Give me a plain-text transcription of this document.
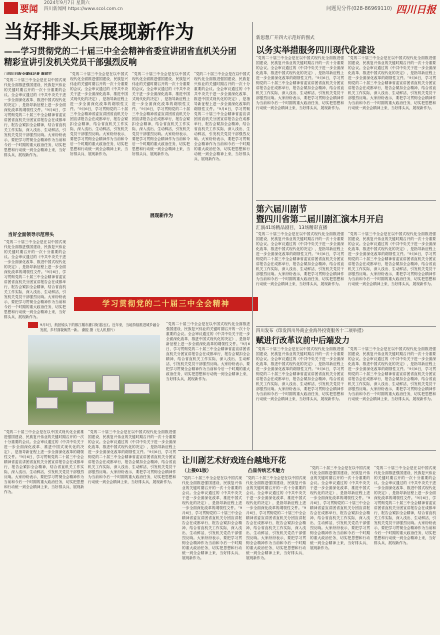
要闻
2024年9月7日 星期六
四川新闻网 https://www.scol.com.cn	问题见分件(028-86969110) 四川日报
当好排头兵展现新作为
——学习贯彻党的二十届三中全会精神省委宣讲团省直机关分团
精彩宣讲引发机关党员干部强烈反响
□四川日报全媒体记者 谢祥宇
“党的二十届三中全会是在以中国式现代化全面推进强国建设、民族复兴伟业的关键时期召开的一次十分重要的会议。全会审议通过的《中共中央关于进一步全面深化改革、推进中国式现代化的决定》，是指导新征程上进一步全面深化改革的纲领性文件。”9月6日，学习贯彻党的二十届三中全会精神省委宣讲团省直机关分团宣讲报告会在成都举行，报告会紧扣全会精神，结合省直机关工作实际，深入浅出、生动鲜活，引发机关党员干部强烈反响。大家纷纷表示，要把学习贯彻全会精神作为当前和今后一个时期的重大政治任务，切实把思想和行动统一到全会精神上来，当好排头兵，展现新作为。
当好全面领导示范带头
“党的二十届三中全会是在以中国式现代化全面推进强国建设、民族复兴伟业的关键时期召开的一次十分重要的会议。全会审议通过的《中共中央关于进一步全面深化改革、推进中国式现代化的决定》，是指导新征程上进一步全面深化改革的纲领性文件。”9月6日，学习贯彻党的二十届三中全会精神省委宣讲团省直机关分团宣讲报告会在成都举行，报告会紧扣全会精神，结合省直机关工作实际，深入浅出、生动鲜活，引发机关党员干部强烈反响。大家纷纷表示，要把学习贯彻全会精神作为当前和今后一个时期的重大政治任务，切实把思想和行动统一到全会精神上来，当好排头兵，展现新作为。
“党的二十届三中全会是在以中国式现代化全面推进强国建设、民族复兴伟业的关键时期召开的一次十分重要的会议。全会审议通过的《中共中央关于进一步全面深化改革、推进中国式现代化的决定》，是指导新征程上进一步全面深化改革的纲领性文件。”9月6日，学习贯彻党的二十届三中全会精神省委宣讲团省直机关分团宣讲报告会在成都举行，报告会紧扣全会精神，结合省直机关工作实际，深入浅出、生动鲜活，引发机关党员干部强烈反响。大家纷纷表示，要把学习贯彻全会精神作为当前和今后一个时期的重大政治任务，切实把思想和行动统一到全会精神上来，当好排头兵，展现新作为。
“党的二十届三中全会是在以中国式现代化全面推进强国建设、民族复兴伟业的关键时期召开的一次十分重要的会议。全会审议通过的《中共中央关于进一步全面深化改革、推进中国式现代化的决定》，是指导新征程上进一步全面深化改革的纲领性文件。”9月6日，学习贯彻党的二十届三中全会精神省委宣讲团省直机关分团宣讲报告会在成都举行，报告会紧扣全会精神，结合省直机关工作实际，深入浅出、生动鲜活，引发机关党员干部强烈反响。大家纷纷表示，要把学习贯彻全会精神作为当前和今后一个时期的重大政治任务，切实把思想和行动统一到全会精神上来，当好排头兵，展现新作为。
展现新作为
“党的二十届三中全会是在以中国式现代化全面推进强国建设、民族复兴伟业的关键时期召开的一次十分重要的会议。全会审议通过的《中共中央关于进一步全面深化改革、推进中国式现代化的决定》，是指导新征程上进一步全面深化改革的纲领性文件。”9月6日，学习贯彻党的二十届三中全会精神省委宣讲团省直机关分团宣讲报告会在成都举行，报告会紧扣全会精神，结合省直机关工作实际，深入浅出、生动鲜活，引发机关党员干部强烈反响。大家纷纷表示，要把学习贯彻全会精神作为当前和今后一个时期的重大政治任务，切实把思想和行动统一到全会精神上来，当好排头兵，展现新作为。
学习贯彻党的二十届三中全会精神
9月5日，航拍镜头下的都江堰市灌口街道社区。近年来，当地持续推进城乡融合发展，乡村面貌焕然一新。 谢振 摄（无人机照片）
“党的二十届三中全会是在以中国式现代化全面推进强国建设、民族复兴伟业的关键时期召开的一次十分重要的会议。全会审议通过的《中共中央关于进一步全面深化改革、推进中国式现代化的决定》，是指导新征程上进一步全面深化改革的纲领性文件。”9月6日，学习贯彻党的二十届三中全会精神省委宣讲团省直机关分团宣讲报告会在成都举行，报告会紧扣全会精神，结合省直机关工作实际，深入浅出、生动鲜活，引发机关党员干部强烈反响。大家纷纷表示，要把学习贯彻全会精神作为当前和今后一个时期的重大政治任务，切实把思想和行动统一到全会精神上来，当好排头兵，展现新作为。
“党的二十届三中全会是在以中国式现代化全面推进强国建设、民族复兴伟业的关键时期召开的一次十分重要的会议。全会审议通过的《中共中央关于进一步全面深化改革、推进中国式现代化的决定》，是指导新征程上进一步全面深化改革的纲领性文件。”9月6日，学习贯彻党的二十届三中全会精神省委宣讲团省直机关分团宣讲报告会在成都举行，报告会紧扣全会精神，结合省直机关工作实际，深入浅出、生动鲜活，引发机关党员干部强烈反响。大家纷纷表示，要把学习贯彻全会精神作为当前和今后一个时期的重大政治任务，切实把思想和行动统一到全会精神上来，当好排头兵，展现新作为。
“党的二十届三中全会是在以中国式现代化全面推进强国建设、民族复兴伟业的关键时期召开的一次十分重要的会议。全会审议通过的《中共中央关于进一步全面深化改革、推进中国式现代化的决定》，是指导新征程上进一步全面深化改革的纲领性文件。”9月6日，学习贯彻党的二十届三中全会精神省委宣讲团省直机关分团宣讲报告会在成都举行，报告会紧扣全会精神，结合省直机关工作实际，深入浅出、生动鲜活，引发机关党员干部强烈反响。大家纷纷表示，要把学习贯彻全会精神作为当前和今后一个时期的重大政治任务，切实把思想和行动统一到全会精神上来，当好排头兵，展现新作为。
新思想广开四大示范好的图式
以务实举措服务四川现代化建设
“党的二十届三中全会是在以中国式现代化全面推进强国建设、民族复兴伟业的关键时期召开的一次十分重要的会议。全会审议通过的《中共中央关于进一步全面深化改革、推进中国式现代化的决定》，是指导新征程上进一步全面深化改革的纲领性文件。”9月6日，学习贯彻党的二十届三中全会精神省委宣讲团省直机关分团宣讲报告会在成都举行，报告会紧扣全会精神，结合省直机关工作实际，深入浅出、生动鲜活，引发机关党员干部强烈反响。大家纷纷表示，要把学习贯彻全会精神作为当前和今后一个时期的重大政治任务，切实把思想和行动统一到全会精神上来，当好排头兵，展现新作为。
“党的二十届三中全会是在以中国式现代化全面推进强国建设、民族复兴伟业的关键时期召开的一次十分重要的会议。全会审议通过的《中共中央关于进一步全面深化改革、推进中国式现代化的决定》，是指导新征程上进一步全面深化改革的纲领性文件。”9月6日，学习贯彻党的二十届三中全会精神省委宣讲团省直机关分团宣讲报告会在成都举行，报告会紧扣全会精神，结合省直机关工作实际，深入浅出、生动鲜活，引发机关党员干部强烈反响。大家纷纷表示，要把学习贯彻全会精神作为当前和今后一个时期的重大政治任务，切实把思想和行动统一到全会精神上来，当好排头兵，展现新作为。
第六届川剧节
暨四川省第二届川剧汇演本月开启
汇演41场精品剧目，13场精彩直播
“党的二十届三中全会是在以中国式现代化全面推进强国建设、民族复兴伟业的关键时期召开的一次十分重要的会议。全会审议通过的《中共中央关于进一步全面深化改革、推进中国式现代化的决定》，是指导新征程上进一步全面深化改革的纲领性文件。”9月6日，学习贯彻党的二十届三中全会精神省委宣讲团省直机关分团宣讲报告会在成都举行，报告会紧扣全会精神，结合省直机关工作实际，深入浅出、生动鲜活，引发机关党员干部强烈反响。大家纷纷表示，要把学习贯彻全会精神作为当前和今后一个时期的重大政治任务，切实把思想和行动统一到全会精神上来，当好排头兵，展现新作为。
“党的二十届三中全会是在以中国式现代化全面推进强国建设、民族复兴伟业的关键时期召开的一次十分重要的会议。全会审议通过的《中共中央关于进一步全面深化改革、推进中国式现代化的决定》，是指导新征程上进一步全面深化改革的纲领性文件。”9月6日，学习贯彻党的二十届三中全会精神省委宣讲团省直机关分团宣讲报告会在成都举行，报告会紧扣全会精神，结合省直机关工作实际，深入浅出、生动鲜活，引发机关党员干部强烈反响。大家纷纷表示，要把学习贯彻全会精神作为当前和今后一个时期的重大政治任务，切实把思想和行动统一到全会精神上来，当好排头兵，展现新作为。
四川发布《印发四川外商企业海外投资服务十二项举措》
赋进行改革议前中后端发力
“党的二十届三中全会是在以中国式现代化全面推进强国建设、民族复兴伟业的关键时期召开的一次十分重要的会议。全会审议通过的《中共中央关于进一步全面深化改革、推进中国式现代化的决定》，是指导新征程上进一步全面深化改革的纲领性文件。”9月6日，学习贯彻党的二十届三中全会精神省委宣讲团省直机关分团宣讲报告会在成都举行，报告会紧扣全会精神，结合省直机关工作实际，深入浅出、生动鲜活，引发机关党员干部强烈反响。大家纷纷表示，要把学习贯彻全会精神作为当前和今后一个时期的重大政治任务，切实把思想和行动统一到全会精神上来，当好排头兵，展现新作为。
“党的二十届三中全会是在以中国式现代化全面推进强国建设、民族复兴伟业的关键时期召开的一次十分重要的会议。全会审议通过的《中共中央关于进一步全面深化改革、推进中国式现代化的决定》，是指导新征程上进一步全面深化改革的纲领性文件。”9月6日，学习贯彻党的二十届三中全会精神省委宣讲团省直机关分团宣讲报告会在成都举行，报告会紧扣全会精神，结合省直机关工作实际，深入浅出、生动鲜活，引发机关党员干部强烈反响。大家纷纷表示，要把学习贯彻全会精神作为当前和今后一个时期的重大政治任务，切实把思想和行动统一到全会精神上来，当好排头兵，展现新作为。
让川剧艺术好戏连台越地开花
（上接01版）
“党的二十届三中全会是在以中国式现代化全面推进强国建设、民族复兴伟业的关键时期召开的一次十分重要的会议。全会审议通过的《中共中央关于进一步全面深化改革、推进中国式现代化的决定》，是指导新征程上进一步全面深化改革的纲领性文件。”9月6日，学习贯彻党的二十届三中全会精神省委宣讲团省直机关分团宣讲报告会在成都举行，报告会紧扣全会精神，结合省直机关工作实际，深入浅出、生动鲜活，引发机关党员干部强烈反响。大家纷纷表示，要把学习贯彻全会精神作为当前和今后一个时期的重大政治任务，切实把思想和行动统一到全会精神上来，当好排头兵，展现新作为。
凸显传统艺术魅力
“党的二十届三中全会是在以中国式现代化全面推进强国建设、民族复兴伟业的关键时期召开的一次十分重要的会议。全会审议通过的《中共中央关于进一步全面深化改革、推进中国式现代化的决定》，是指导新征程上进一步全面深化改革的纲领性文件。”9月6日，学习贯彻党的二十届三中全会精神省委宣讲团省直机关分团宣讲报告会在成都举行，报告会紧扣全会精神，结合省直机关工作实际，深入浅出、生动鲜活，引发机关党员干部强烈反响。大家纷纷表示，要把学习贯彻全会精神作为当前和今后一个时期的重大政治任务，切实把思想和行动统一到全会精神上来，当好排头兵，展现新作为。
“党的二十届三中全会是在以中国式现代化全面推进强国建设、民族复兴伟业的关键时期召开的一次十分重要的会议。全会审议通过的《中共中央关于进一步全面深化改革、推进中国式现代化的决定》，是指导新征程上进一步全面深化改革的纲领性文件。”9月6日，学习贯彻党的二十届三中全会精神省委宣讲团省直机关分团宣讲报告会在成都举行，报告会紧扣全会精神，结合省直机关工作实际，深入浅出、生动鲜活，引发机关党员干部强烈反响。大家纷纷表示，要把学习贯彻全会精神作为当前和今后一个时期的重大政治任务，切实把思想和行动统一到全会精神上来，当好排头兵，展现新作为。
“党的二十届三中全会是在以中国式现代化全面推进强国建设、民族复兴伟业的关键时期召开的一次十分重要的会议。全会审议通过的《中共中央关于进一步全面深化改革、推进中国式现代化的决定》，是指导新征程上进一步全面深化改革的纲领性文件。”9月6日，学习贯彻党的二十届三中全会精神省委宣讲团省直机关分团宣讲报告会在成都举行，报告会紧扣全会精神，结合省直机关工作实际，深入浅出、生动鲜活，引发机关党员干部强烈反响。大家纷纷表示，要把学习贯彻全会精神作为当前和今后一个时期的重大政治任务，切实把思想和行动统一到全会精神上来，当好排头兵，展现新作为。
